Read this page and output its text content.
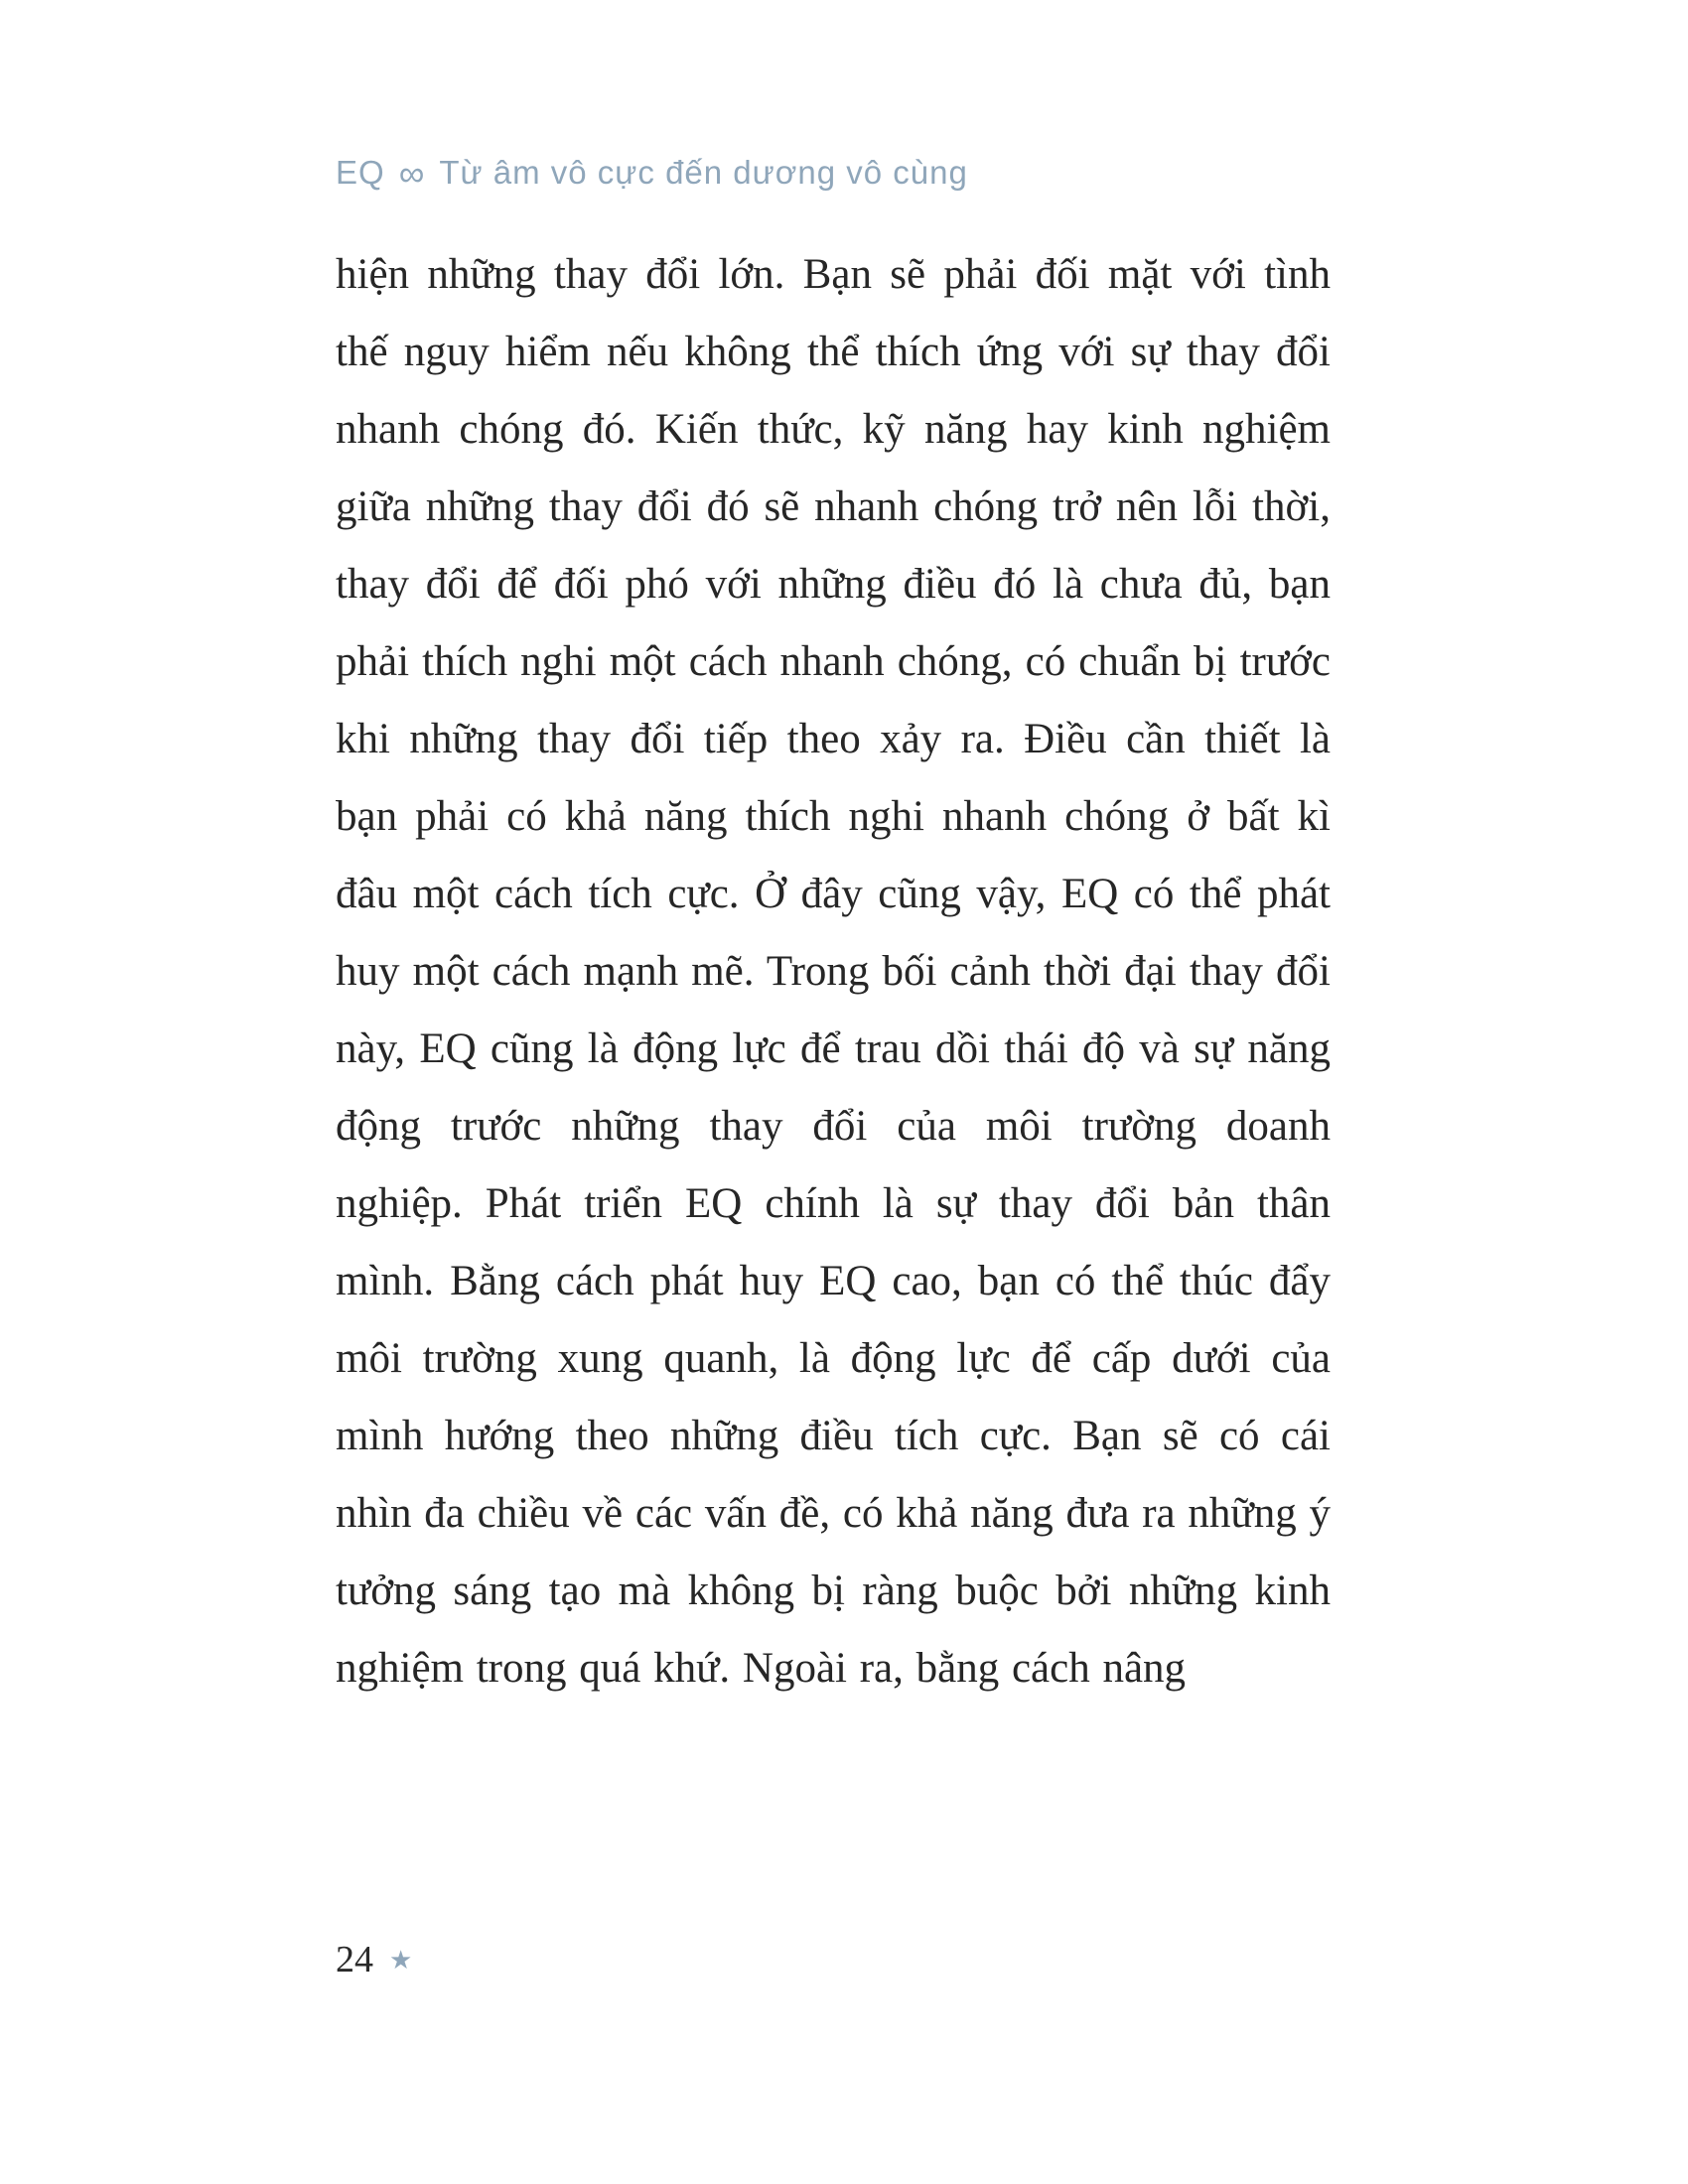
EQ ∞ Từ âm vô cực đến dương vô cùng

hiện những thay đổi lớn. Bạn sẽ phải đối mặt với tình thế nguy hiểm nếu không thể thích ứng với sự thay đổi nhanh chóng đó. Kiến thức, kỹ năng hay kinh nghiệm giữa những thay đổi đó sẽ nhanh chóng trở nên lỗi thời, thay đổi để đối phó với những điều đó là chưa đủ, bạn phải thích nghi một cách nhanh chóng, có chuẩn bị trước khi những thay đổi tiếp theo xảy ra. Điều cần thiết là bạn phải có khả năng thích nghi nhanh chóng ở bất kì đâu một cách tích cực. Ở đây cũng vậy, EQ có thể phát huy một cách mạnh mẽ. Trong bối cảnh thời đại thay đổi này, EQ cũng là động lực để trau dồi thái độ và sự năng động trước những thay đổi của môi trường doanh nghiệp. Phát triển EQ chính là sự thay đổi bản thân mình. Bằng cách phát huy EQ cao, bạn có thể thúc đẩy môi trường xung quanh, là động lực để cấp dưới của mình hướng theo những điều tích cực. Bạn sẽ có cái nhìn đa chiều về các vấn đề, có khả năng đưa ra những ý tưởng sáng tạo mà không bị ràng buộc bởi những kinh nghiệm trong quá khứ. Ngoài ra, bằng cách nâng

24 ★
